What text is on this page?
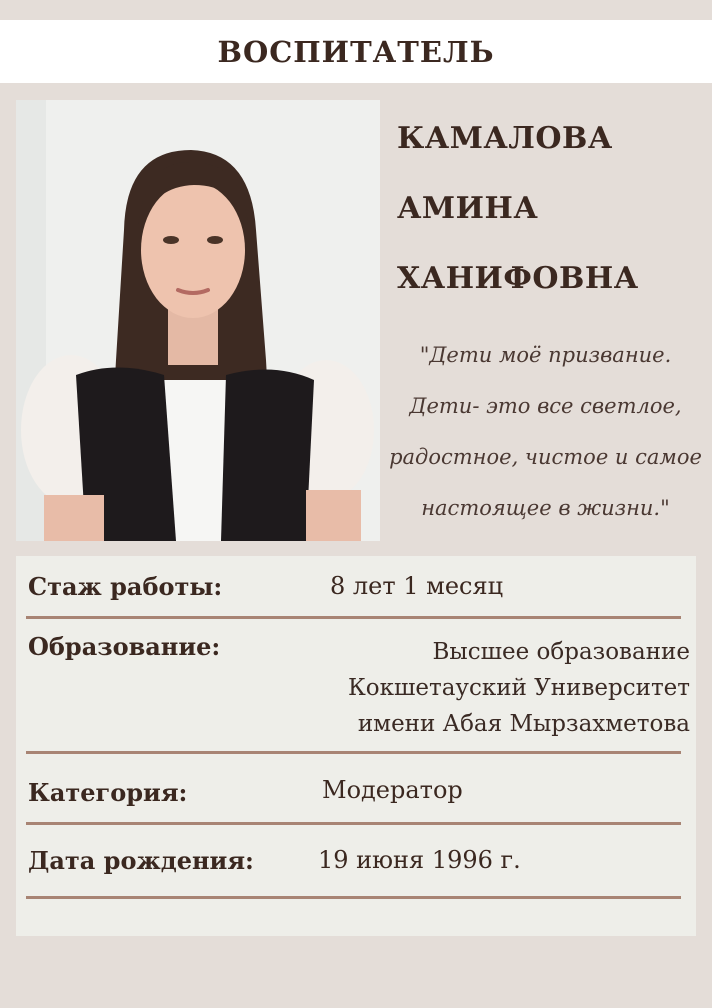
ВОСПИТАТЕЛЬ

КАМАЛОВА

АМИНА

ХАНИФОВНА

"Дети моё призвание.
Дети- это все светлое,
радостное, чистое и самое
настоящее в жизни."

Стаж работы:	8 лет 1 месяц

Образование:	Высшее образование
Кокшетауский Университет
имени Абая Мырзахметова

Категория:	Модератор

Дата рождения:	19 июня 1996 г.
